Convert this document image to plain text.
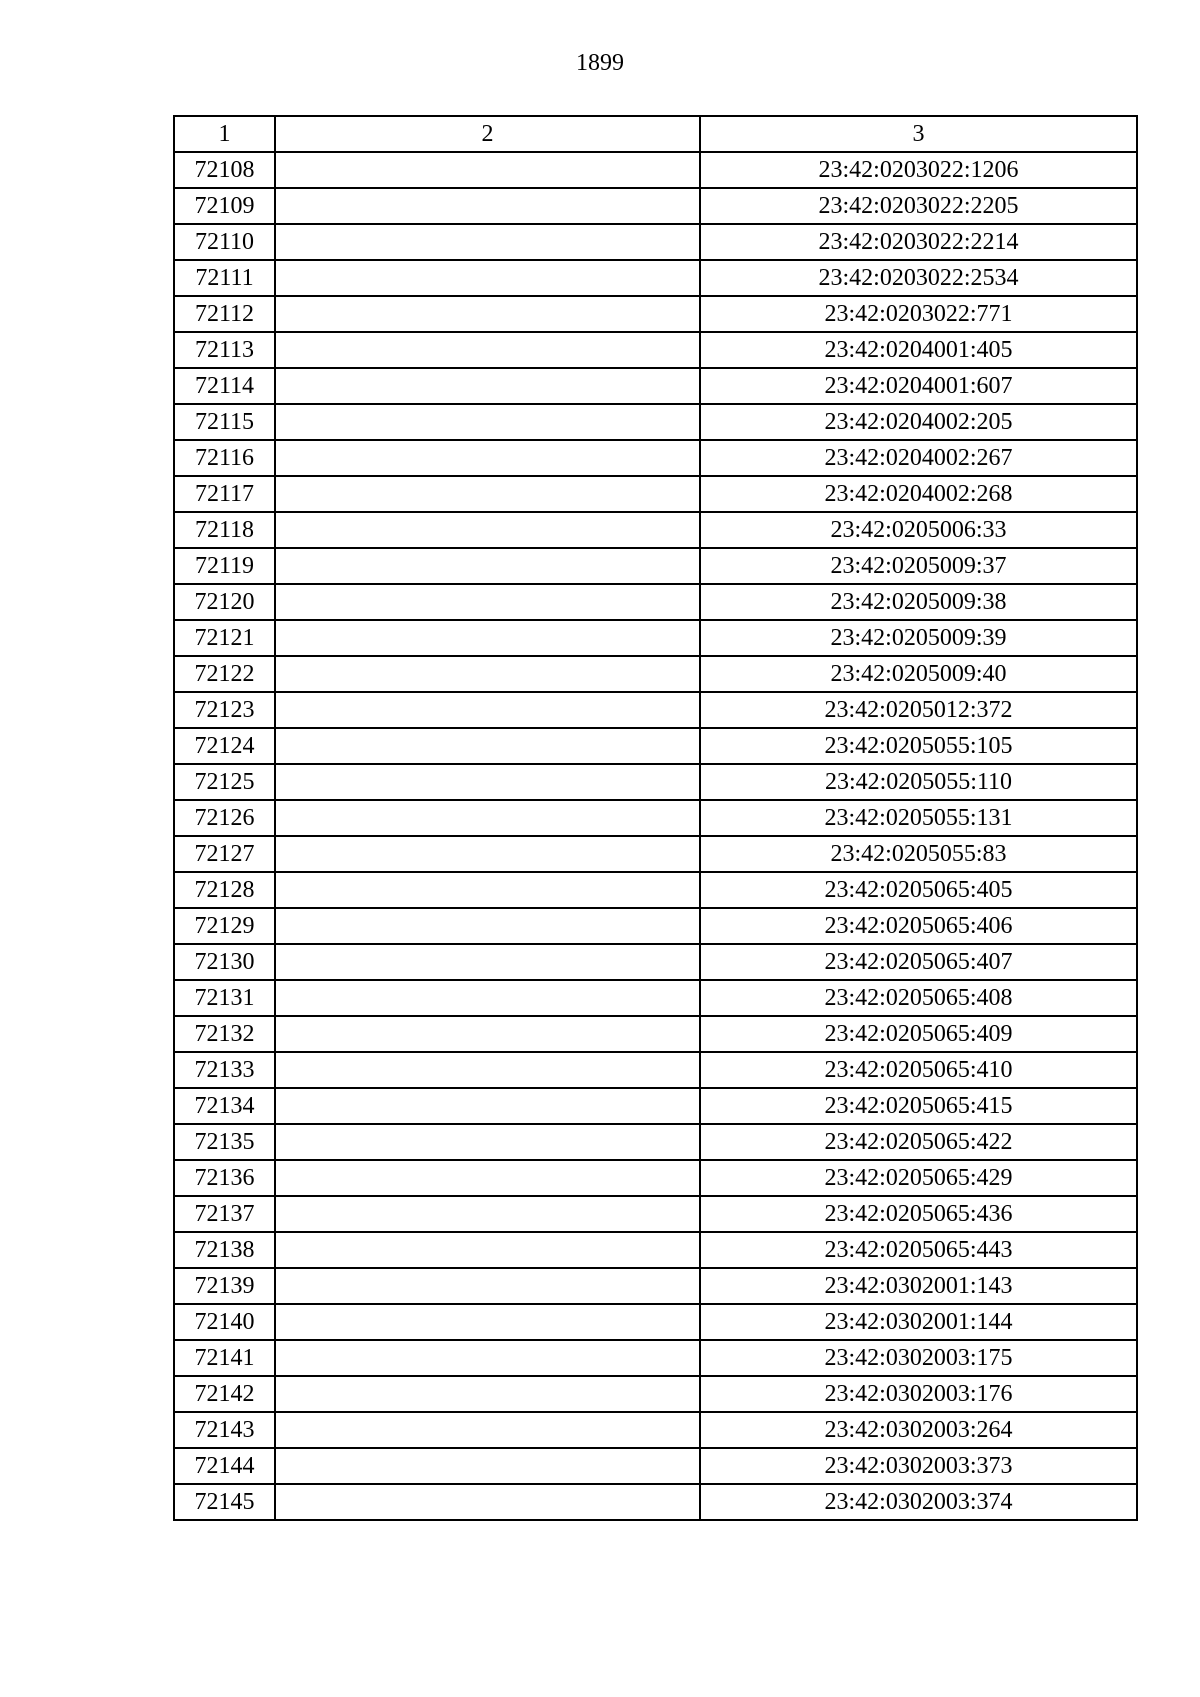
1899
1	2	3
72108		23:42:0203022:1206
72109		23:42:0203022:2205
72110		23:42:0203022:2214
72111		23:42:0203022:2534
72112		23:42:0203022:771
72113		23:42:0204001:405
72114		23:42:0204001:607
72115		23:42:0204002:205
72116		23:42:0204002:267
72117		23:42:0204002:268
72118		23:42:0205006:33
72119		23:42:0205009:37
72120		23:42:0205009:38
72121		23:42:0205009:39
72122		23:42:0205009:40
72123		23:42:0205012:372
72124		23:42:0205055:105
72125		23:42:0205055:110
72126		23:42:0205055:131
72127		23:42:0205055:83
72128		23:42:0205065:405
72129		23:42:0205065:406
72130		23:42:0205065:407
72131		23:42:0205065:408
72132		23:42:0205065:409
72133		23:42:0205065:410
72134		23:42:0205065:415
72135		23:42:0205065:422
72136		23:42:0205065:429
72137		23:42:0205065:436
72138		23:42:0205065:443
72139		23:42:0302001:143
72140		23:42:0302001:144
72141		23:42:0302003:175
72142		23:42:0302003:176
72143		23:42:0302003:264
72144		23:42:0302003:373
72145		23:42:0302003:374
